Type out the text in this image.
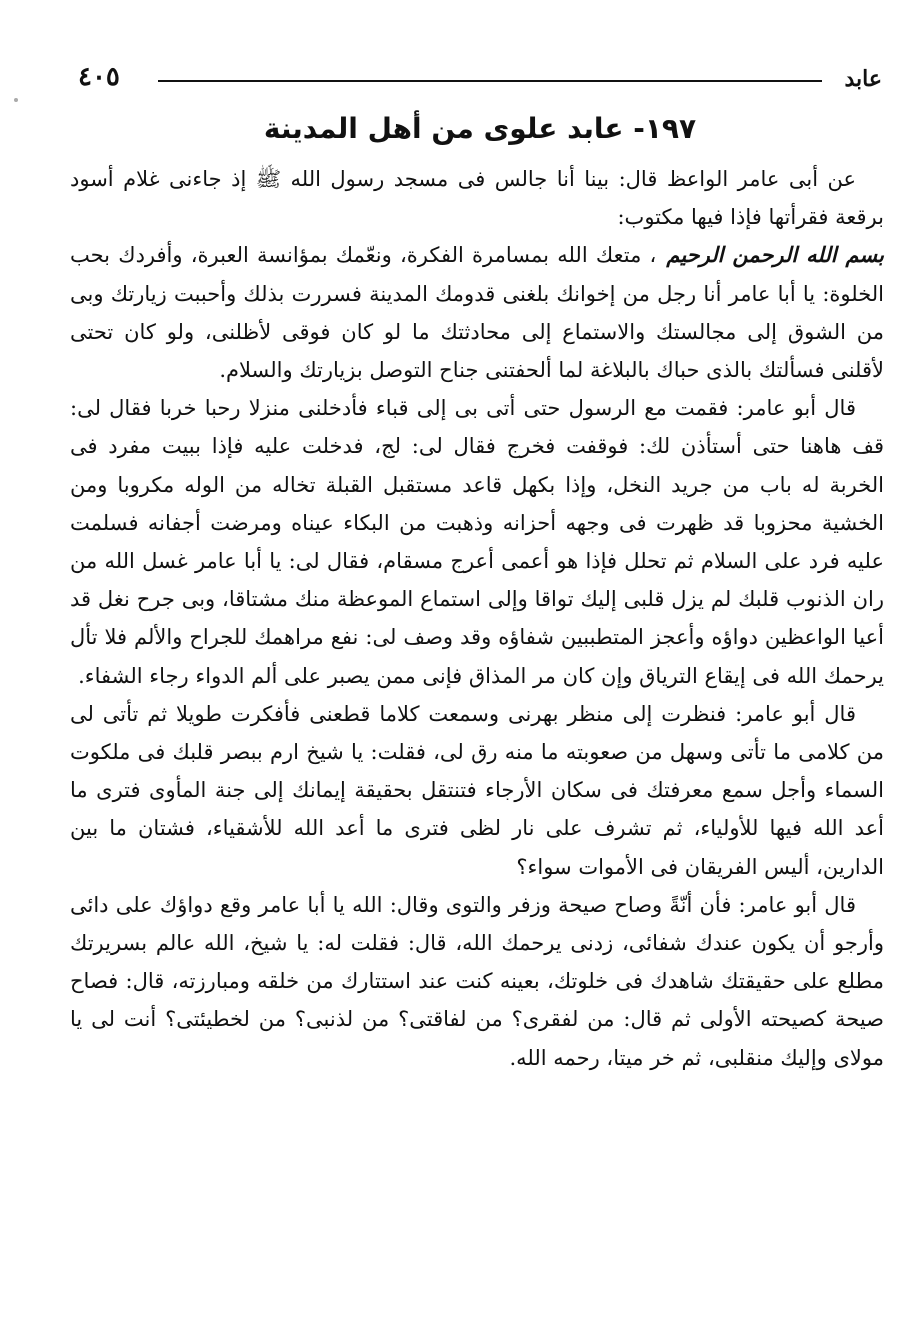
عابد
٤٠٥
١٩٧- عابد علوى من أهل المدينة

عن أبى عامر الواعظ قال: بينا أنا جالس فى مسجد رسول الله ﷺ إذ جاءنى غلام أسود برقعة فقرأتها فإذا فيها مكتوب:

بسم الله الرحمن الرحيم، متعك الله بمسامرة الفكرة، ونعّمك بمؤانسة العبرة، وأفردك بحب الخلوة: يا أبا عامر أنا رجل من إخوانك بلغنى قدومك المدينة فسررت بذلك وأحببت زيارتك وبى من الشوق إلى مجالستك والاستماع إلى محادثتك ما لو كان فوقى لأظلنى، ولو كان تحتى لأقلنى فسألتك بالذى حباك بالبلاغة لما ألحفتنى جناح التوصل بزيارتك والسلام.

قال أبو عامر: فقمت مع الرسول حتى أتى بى إلى قباء فأدخلنى منزلا رحبا خربا فقال لى: قف هاهنا حتى أستأذن لك: فوقفت فخرج فقال لى: لج، فدخلت عليه فإذا ببيت مفرد فى الخربة له باب من جريد النخل، وإذا بكهل قاعد مستقبل القبلة تخاله من الوله مكروبا ومن الخشية محزوبا قد ظهرت فى وجهه أحزانه وذهبت من البكاء عيناه ومرضت أجفانه فسلمت عليه فرد على السلام ثم تحلل فإذا هو أعمى أعرج مسقام، فقال لى: يا أبا عامر غسل الله من ران الذنوب قلبك لم يزل قلبى إليك تواقا وإلى استماع الموعظة منك مشتاقا، وبى جرح نغل قد أعيا الواعظين دواؤه وأعجز المتطببين شفاؤه وقد وصف لى: نفع مراهمك للجراح والألم فلا تأل يرحمك الله فى إيقاع الترياق وإن كان مر المذاق فإنى ممن يصبر على ألم الدواء رجاء الشفاء.

قال أبو عامر: فنظرت إلى منظر بهرنى وسمعت كلاما قطعنى فأفكرت طويلا ثم تأتى لى من كلامى ما تأتى وسهل من صعوبته ما منه رق لى، فقلت: يا شيخ ارم ببصر قلبك فى ملكوت السماء وأجل سمع معرفتك فى سكان الأرجاء فتنتقل بحقيقة إيمانك إلى جنة المأوى فترى ما أعد الله فيها للأولياء، ثم تشرف على نار لظى فترى ما أعد الله للأشقياء، فشتان ما بين الدارين، أليس الفريقان فى الأموات سواء؟

قال أبو عامر: فأن أنّةً وصاح صيحة وزفر والتوى وقال: الله يا أبا عامر وقع دواؤك على دائى وأرجو أن يكون عندك شفائى، زدنى يرحمك الله، قال: فقلت له: يا شيخ، الله عالم بسريرتك مطلع على حقيقتك شاهدك فى خلوتك، بعينه كنت عند استتارك من خلقه ومبارزته، قال: فصاح صيحة كصيحته الأولى ثم قال: من لفقرى؟ من لفاقتى؟ من لذنبى؟ من لخطيئتى؟ أنت لى يا مولاى وإليك منقلبى، ثم خر ميتا، رحمه الله.
